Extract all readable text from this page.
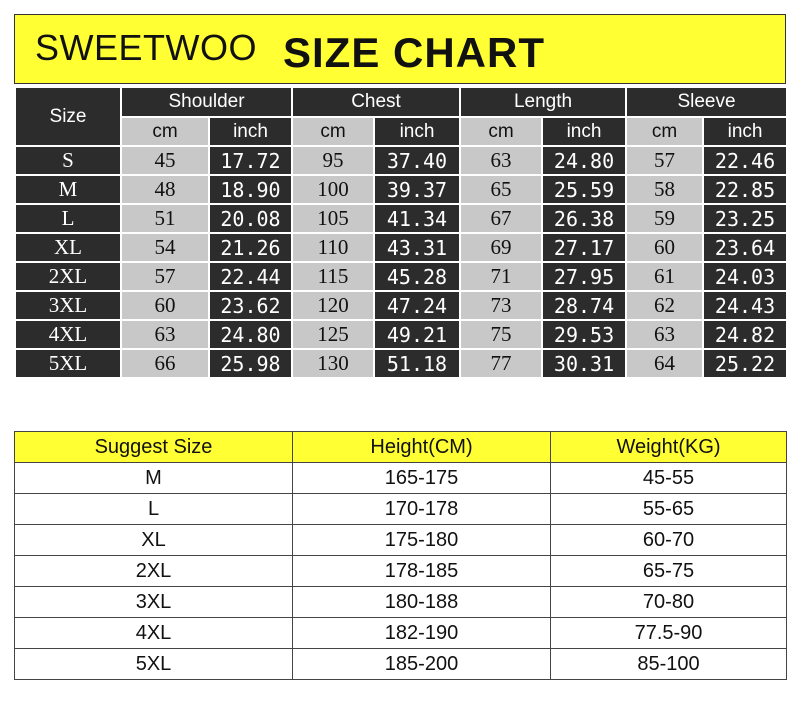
SWEETWOO SIZE CHART
Size	Shoulder		Chest		Length		Sleeve	
	cm	inch	cm	inch	cm	inch	cm	inch
S	45	17.72	95	37.40	63	24.80	57	22.46
M	48	18.90	100	39.37	65	25.59	58	22.85
L	51	20.08	105	41.34	67	26.38	59	23.25
XL	54	21.26	110	43.31	69	27.17	60	23.64
2XL	57	22.44	115	45.28	71	27.95	61	24.03
3XL	60	23.62	120	47.24	73	28.74	62	24.43
4XL	63	24.80	125	49.21	75	29.53	63	24.82
5XL	66	25.98	130	51.18	77	30.31	64	25.22
Suggest Size	Height(CM)	Weight(KG)
M	165-175	45-55
L	170-178	55-65
XL	175-180	60-70
2XL	178-185	65-75
3XL	180-188	70-80
4XL	182-190	77.5-90
5XL	185-200	85-100
